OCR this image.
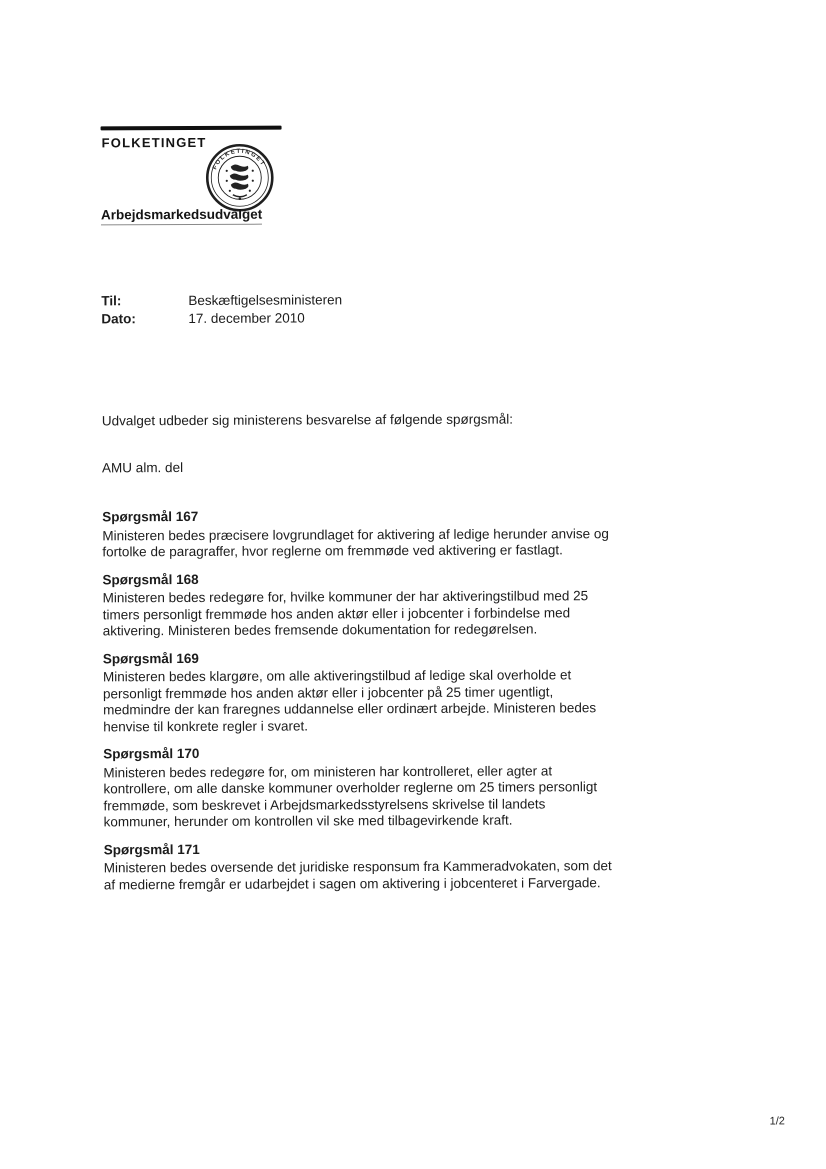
FOLKETINGET
FOLKETINGET
Arbejdsmarkedsudvalget
Til:	Beskæftigelsesministeren
Dato:	17. december 2010

Udvalget udbeder sig ministerens besvarelse af følgende spørgsmål:

AMU alm. del

Spørgsmål 167

Ministeren bedes præcisere lovgrundlaget for aktivering af ledige herunder anvise og fortolke de paragraffer, hvor reglerne om fremmøde ved aktivering er fastlagt.

Spørgsmål 168

Ministeren bedes redegøre for, hvilke kommuner der har aktiveringstilbud med 25 timers personligt fremmøde hos anden aktør eller i jobcenter i forbindelse med aktivering. Ministeren bedes fremsende dokumentation for redegørelsen.

Spørgsmål 169

Ministeren bedes klargøre, om alle aktiveringstilbud af ledige skal overholde et personligt fremmøde hos anden aktør eller i jobcenter på 25 timer ugentligt, medmindre der kan fraregnes uddannelse eller ordinært arbejde. Ministeren bedes henvise til konkrete regler i svaret.

Spørgsmål 170

Ministeren bedes redegøre for, om ministeren har kontrolleret, eller agter at kontrollere, om alle danske kommuner overholder reglerne om 25 timers personligt fremmøde, som beskrevet i Arbejdsmarkedsstyrelsens skrivelse til landets kommuner, herunder om kontrollen vil ske med tilbagevirkende kraft.

Spørgsmål 171

Ministeren bedes oversende det juridiske responsum fra Kammeradvokaten, som det af medierne fremgår er udarbejdet i sagen om aktivering i jobcenteret i Farvergade.

1/2
